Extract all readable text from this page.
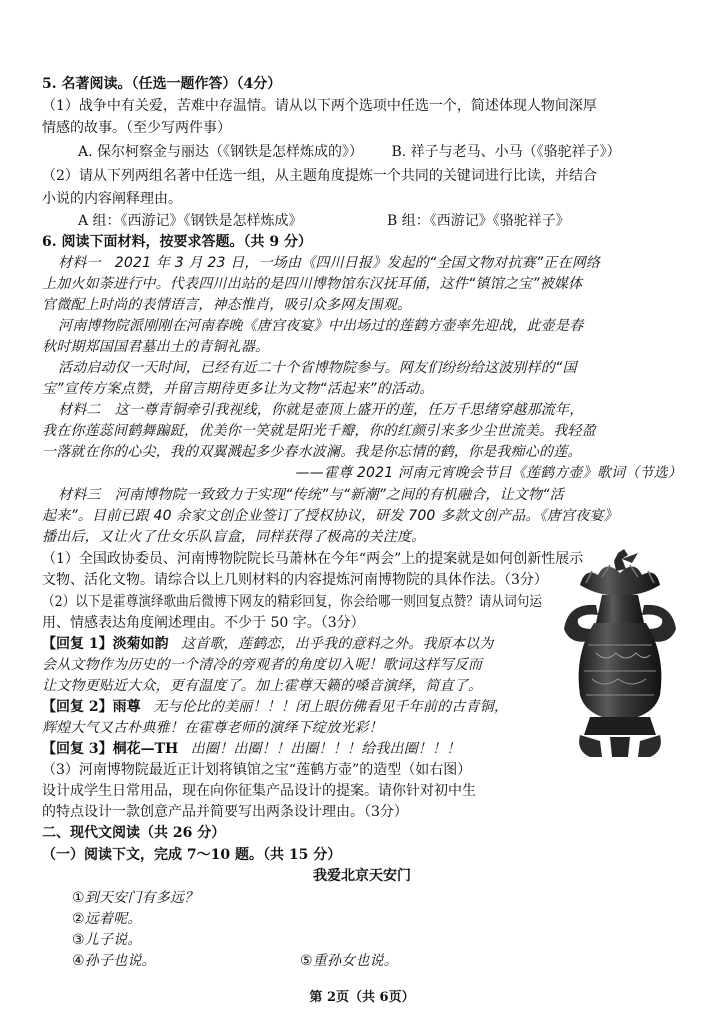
5. 名著阅读。（任选一题作答）（4分）
（1）战争中有关爱，苦难中存温情。请从以下两个选项中任选一个，简述体现人物间深厚
情感的故事。（至少写两件事）
A. 保尔柯察金与丽达（《钢铁是怎样炼成的》） B. 祥子与老马、小马（《骆驼祥子》）
（2）请从下列两组名著中任选一组，从主题角度提炼一个共同的关键词进行比读，并结合
小说的内容阐释理由。
A 组：《西游记》《钢铁是怎样炼成》	B 组：《西游记》《骆驼祥子》
6. 阅读下面材料，按要求答题。（共 9 分）
材料一　2021 年 3 月 23 日，一场由《四川日报》发起的“全国文物对抗赛”正在网络
上加火如荼进行中。代表四川出站的是四川博物馆东汉抚耳俑，这件“镇馆之宝”被媒体
官微配上时尚的表情语言，神态惟肖，吸引众多网友围观。
河南博物院派刚刚在河南春晚《唐宫夜宴》中出场过的莲鹤方壶率先迎战，此壶是春
秋时期郑国国君墓出土的青铜礼器。
活动启动仅一天时间，已经有近二十个省博物院参与。网友们纷纷给这波别样的“国
宝”宣传方案点赞，并留言期待更多让为文物“活起来”的活动。
材料二　这一尊青铜牵引我视线，你就是壶顶上盛开的莲，任万千思绪穿越那流年，
我在你莲蕊间鹤舞蹁跹，优美你一笑就是阳光千瓣，你的红颜引来多少尘世流美。我轻盈
一落就在你的心尖，我的双翼溅起多少春水波澜。我是你忘情的鹤，你是我痴心的莲。
——霍尊 2021 河南元宵晚会节目《莲鹤方壶》歌词（节选）
材料三　河南博物院一致致力于实现“传统”与“新潮”之间的有机融合，让文物“活
起来”。目前已跟 40 余家文创企业签订了授权协议，研发 700 多款文创产品。《唐宫夜宴》
播出后，又让火了仕女乐队盲盒，同样获得了极高的关注度。
（1）全国政协委员、河南博物院院长马萧林在今年“两会”上的提案就是如何创新性展示
文物、活化文物。请综合以上几则材料的内容提炼河南博物院的具体作法。（3分）
（2）以下是霍尊演绎歌曲后微博下网友的精彩回复，你会给哪一则回复点赞？请从词句运
用、情感表达角度阐述理由。不少于 50 字。（3分）
【回复 1】淡菊如韵 这首歌，莲鹤恋，出乎我的意料之外。我原本以为
会从文物作为历史的一个清冷的旁观者的角度切入呢！歌词这样写反而
让文物更贴近大众，更有温度了。加上霍尊天籁的嗓音演绎，简直了。
【回复 2】雨尊 无与伦比的美丽！！！闭上眼仿佛看见千年前的古青铜，
辉煌大气又古朴典雅！在霍尊老师的演绎下绽放光彩！
【回复 3】桐花—TH 出圈！出圈！！出圈！！！给我出圈！！！
（3）河南博物院最近正计划将镇馆之宝“莲鹤方壶”的造型（如右图）
设计成学生日常用品，现在向你征集产品设计的提案。请你针对初中生
的特点设计一款创意产品并简要写出两条设计理由。（3分）
二、现代文阅读（共 26 分）
（一）阅读下文，完成 7～10 题。（共 15 分）
我爱北京天安门
①到天安门有多远？
②远着呢。
③儿子说。
④孙子也说。
第 2页（共 6页）
⑤重孙女也说。
